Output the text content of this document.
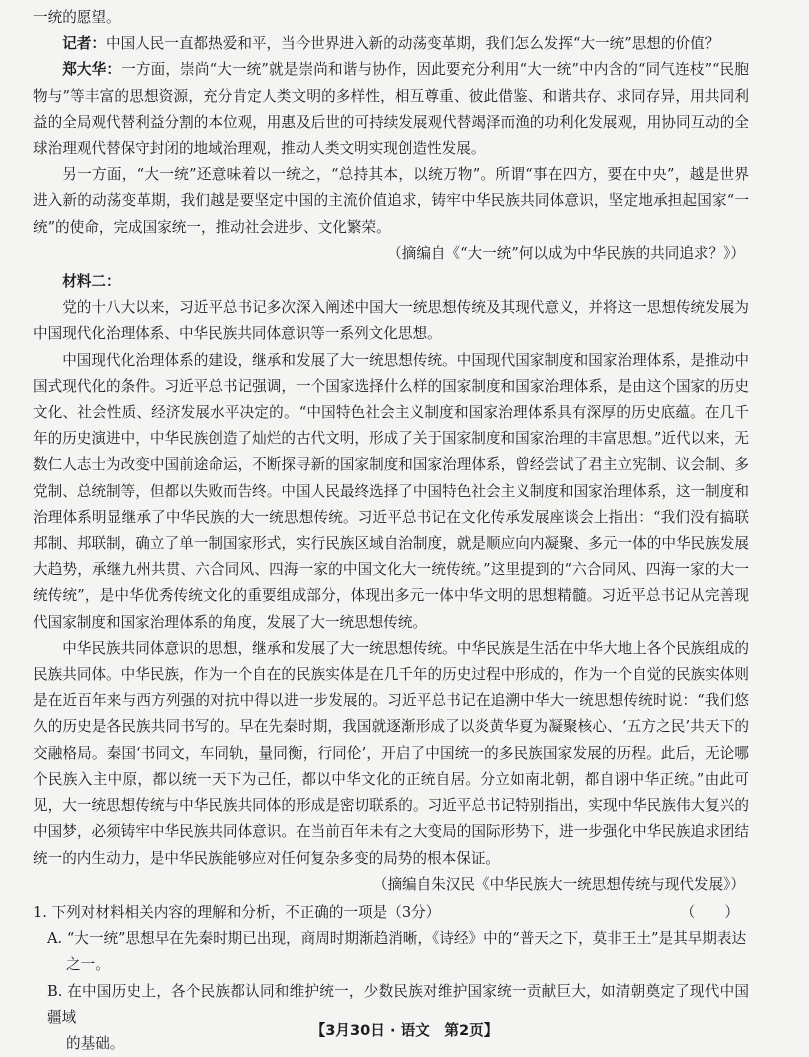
一统的愿望。

记者：中国人民一直都热爱和平，当今世界进入新的动荡变革期，我们怎么发挥“大一统”思想的价值？

郑大华：一方面，崇尚“大一统”就是崇尚和谐与协作，因此要充分利用“大一统”中内含的“同气连枝”“民胞物与”等丰富的思想资源，充分肯定人类文明的多样性，相互尊重、彼此借鉴、和谐共存、求同存异，用共同利益的全局观代替利益分割的本位观，用惠及后世的可持续发展观代替竭泽而渔的功利化发展观，用协同互动的全球治理观代替保守封闭的地域治理观，推动人类文明实现创造性发展。

另一方面，“大一统”还意味着以一统之，“总持其本，以统万物”。所谓“事在四方，要在中央”，越是世界进入新的动荡变革期，我们越是要坚定中国的主流价值追求，铸牢中华民族共同体意识，坚定地承担起国家“一统”的使命，完成国家统一，推动社会进步、文化繁荣。

（摘编自《“大一统”何以成为中华民族的共同追求？》）

材料二：

党的十八大以来，习近平总书记多次深入阐述中国大一统思想传统及其现代意义，并将这一思想传统发展为中国现代化治理体系、中华民族共同体意识等一系列文化思想。

中国现代化治理体系的建设，继承和发展了大一统思想传统。中国现代国家制度和国家治理体系，是推动中国式现代化的条件。习近平总书记强调，一个国家选择什么样的国家制度和国家治理体系，是由这个国家的历史文化、社会性质、经济发展水平决定的。“中国特色社会主义制度和国家治理体系具有深厚的历史底蕴。在几千年的历史演进中，中华民族创造了灿烂的古代文明，形成了关于国家制度和国家治理的丰富思想。”近代以来，无数仁人志士为改变中国前途命运，不断探寻新的国家制度和国家治理体系，曾经尝试了君主立宪制、议会制、多党制、总统制等，但都以失败而告终。中国人民最终选择了中国特色社会主义制度和国家治理体系，这一制度和治理体系明显继承了中华民族的大一统思想传统。习近平总书记在文化传承发展座谈会上指出：“我们没有搞联邦制、邦联制，确立了单一制国家形式，实行民族区域自治制度，就是顺应向内凝聚、多元一体的中华民族发展大趋势，承继九州共贯、六合同风、四海一家的中国文化大一统传统。”这里提到的“六合同风、四海一家的大一统传统”，是中华优秀传统文化的重要组成部分，体现出多元一体中华文明的思想精髓。习近平总书记从完善现代国家制度和国家治理体系的角度，发展了大一统思想传统。

中华民族共同体意识的思想，继承和发展了大一统思想传统。中华民族是生活在中华大地上各个民族组成的民族共同体。中华民族，作为一个自在的民族实体是在几千年的历史过程中形成的，作为一个自觉的民族实体则是在近百年来与西方列强的对抗中得以进一步发展的。习近平总书记在追溯中华大一统思想传统时说：“我们悠久的历史是各民族共同书写的。早在先秦时期，我国就逐渐形成了以炎黄华夏为凝聚核心、‘五方之民’共天下的交融格局。秦国‘书同文，车同轨，量同衡，行同伦’，开启了中国统一的多民族国家发展的历程。此后，无论哪个民族入主中原，都以统一天下为己任，都以中华文化的正统自居。分立如南北朝，都自诩中华正统。”由此可见，大一统思想传统与中华民族共同体的形成是密切联系的。习近平总书记特别指出，实现中华民族伟大复兴的中国梦，必须铸牢中华民族共同体意识。在当前百年未有之大变局的国际形势下，进一步强化中华民族追求团结统一的内生动力，是中华民族能够应对任何复杂多变的局势的根本保证。

（摘编自朱汉民《中华民族大一统思想传统与现代发展》）

1. 下列对材料相关内容的理解和分析，不正确的一项是（3分）	（　　）

A. “大一统”思想早在先秦时期已出现，商周时期渐趋消晰，《诗经》中的“普天之下，莫非王土”是其早期表达

之一。

B. 在中国历史上，各个民族都认同和维护统一，少数民族对维护国家统一贡献巨大，如清朝奠定了现代中国疆域

的基础。

【3月30日 · 语文　第2页】
